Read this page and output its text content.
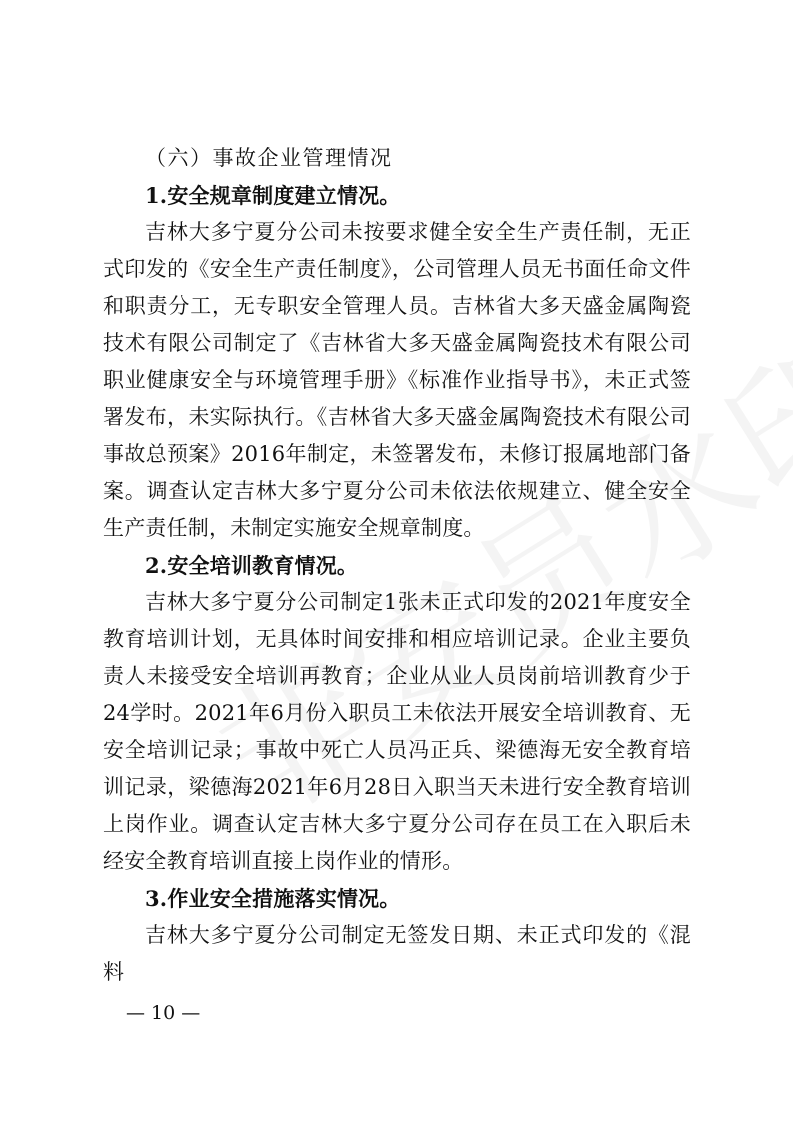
（六）事故企业管理情况

1.安全规章制度建立情况。

吉林大多宁夏分公司未按要求健全安全生产责任制，无正式印发的《安全生产责任制度》，公司管理人员无书面任命文件和职责分工，无专职安全管理人员。吉林省大多天盛金属陶瓷技术有限公司制定了《吉林省大多天盛金属陶瓷技术有限公司职业健康安全与环境管理手册》《标准作业指导书》，未正式签署发布，未实际执行。《吉林省大多天盛金属陶瓷技术有限公司事故总预案》2016年制定，未签署发布，未修订报属地部门备案。调查认定吉林大多宁夏分公司未依法依规建立、健全安全生产责任制，未制定实施安全规章制度。

2.安全培训教育情况。

吉林大多宁夏分公司制定1张未正式印发的2021年度安全教育培训计划，无具体时间安排和相应培训记录。企业主要负责人未接受安全培训再教育；企业从业人员岗前培训教育少于24学时。2021年6月份入职员工未依法开展安全培训教育、无安全培训记录；事故中死亡人员冯正兵、梁德海无安全教育培训记录，梁德海2021年6月28日入职当天未进行安全教育培训上岗作业。调查认定吉林大多宁夏分公司存在员工在入职后未经安全教育培训直接上岗作业的情形。

3.作业安全措施落实情况。

吉林大多宁夏分公司制定无签发日期、未正式印发的《混料

— 10 —
